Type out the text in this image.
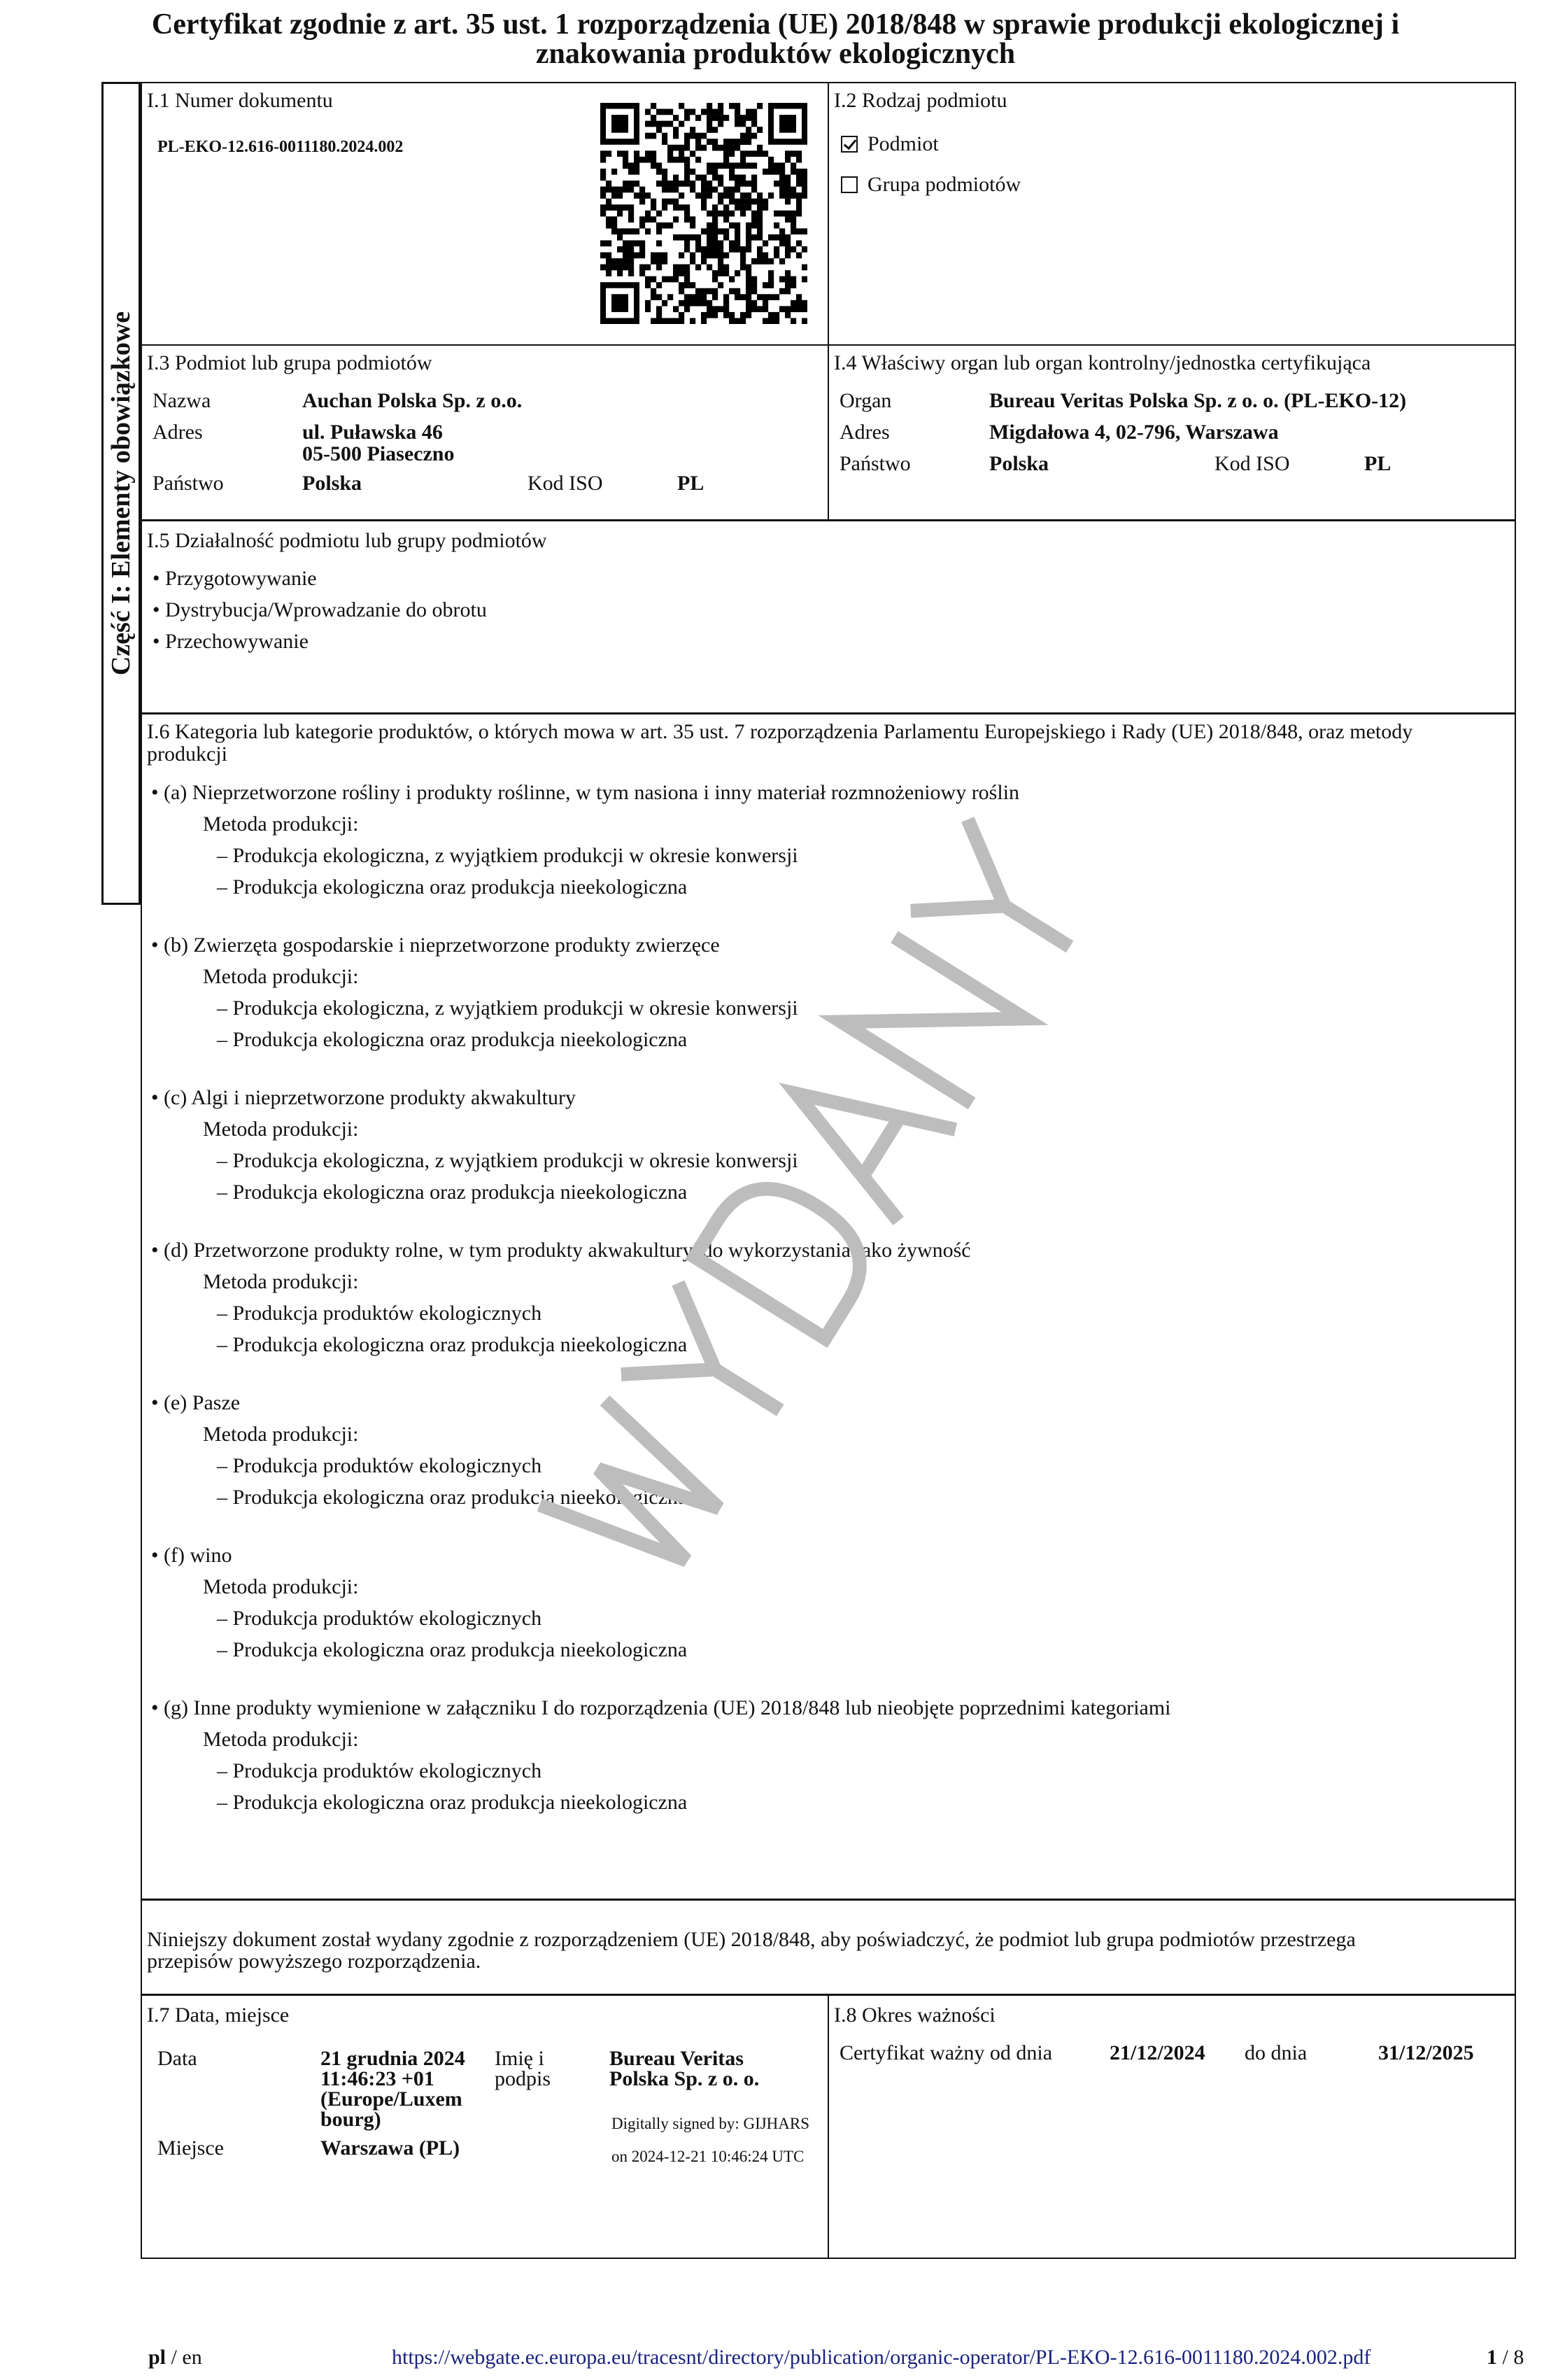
Certyfikat zgodnie z art. 35 ust. 1 rozporządzenia (UE) 2018/848 w sprawie produkcji ekologicznej i
znakowania produktów ekologicznych
Część I: Elementy obowiązkowe
I.1 Numer dokumentu
PL-EKO-12.616-0011180.2024.002
I.2 Rodzaj podmiotu
Podmiot
Grupa podmiotów
I.3 Podmiot lub grupa podmiotów
Nazwa	Auchan Polska Sp. z o.o.
Adres	ul. Puławska 46
05-500 Piaseczno
Państwo	Polska	Kod ISO	PL
I.4 Właściwy organ lub organ kontrolny/jednostka certyfikująca
Organ	Bureau Veritas Polska Sp. z o. o. (PL-EKO-12)
Adres	Migdałowa 4, 02-796, Warszawa
Państwo	Polska	Kod ISO	PL
I.5 Działalność podmiotu lub grupy podmiotów
• Przygotowywanie
• Dystrybucja/Wprowadzanie do obrotu
• Przechowywanie
I.6 Kategoria lub kategorie produktów, o których mowa w art. 35 ust. 7 rozporządzenia Parlamentu Europejskiego i Rady (UE) 2018/848, oraz metody
produkcji
• (a) Nieprzetworzone rośliny i produkty roślinne, w tym nasiona i inny materiał rozmnożeniowy roślin
Metoda produkcji:
– Produkcja ekologiczna, z wyjątkiem produkcji w okresie konwersji
– Produkcja ekologiczna oraz produkcja nieekologiczna
• (b) Zwierzęta gospodarskie i nieprzetworzone produkty zwierzęce
Metoda produkcji:
– Produkcja ekologiczna, z wyjątkiem produkcji w okresie konwersji
– Produkcja ekologiczna oraz produkcja nieekologiczna
• (c) Algi i nieprzetworzone produkty akwakultury
Metoda produkcji:
– Produkcja ekologiczna, z wyjątkiem produkcji w okresie konwersji
– Produkcja ekologiczna oraz produkcja nieekologiczna
• (d) Przetworzone produkty rolne, w tym produkty akwakultury, do wykorzystania jako żywność
Metoda produkcji:
– Produkcja produktów ekologicznych
– Produkcja ekologiczna oraz produkcja nieekologiczna
• (e) Pasze
Metoda produkcji:
– Produkcja produktów ekologicznych
– Produkcja ekologiczna oraz produkcja nieekologiczna
• (f) wino
Metoda produkcji:
– Produkcja produktów ekologicznych
– Produkcja ekologiczna oraz produkcja nieekologiczna
• (g) Inne produkty wymienione w załączniku I do rozporządzenia (UE) 2018/848 lub nieobjęte poprzednimi kategoriami
Metoda produkcji:
– Produkcja produktów ekologicznych
– Produkcja ekologiczna oraz produkcja nieekologiczna
Niniejszy dokument został wydany zgodnie z rozporządzeniem (UE) 2018/848, aby poświadczyć, że podmiot lub grupa podmiotów przestrzega
przepisów powyższego rozporządzenia.
I.7 Data, miejsce
Data	21 grudnia 2024
11:46:23 +01
(Europe/Luxem
bourg)
Imię i
podpis
Bureau Veritas
Polska Sp. z o. o.
Digitally signed by: GIJHARS
on 2024-12-21 10:46:24 UTC
Miejsce	Warszawa (PL)
I.8 Okres ważności
Certyfikat ważny od dnia	21/12/2024 do dnia	31/12/2025
pl / en	https://webgate.ec.europa.eu/tracesnt/directory/publication/organic-operator/PL-EKO-12.616-0011180.2024.002.pdf	1 / 8
